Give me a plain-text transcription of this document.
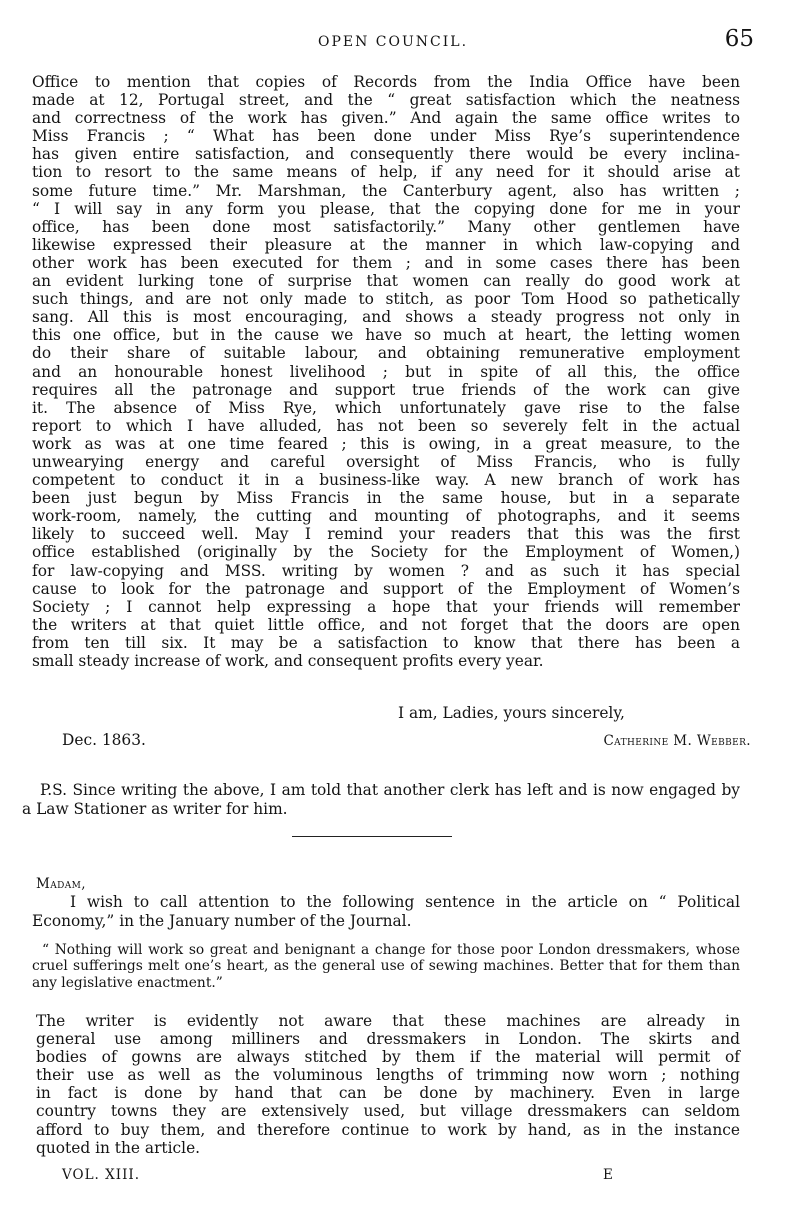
OPEN COUNCIL.	65
Office to mention that copies of Records from the India Office have been
made at 12, Portugal street, and the “ great satisfaction which the neatness
and correctness of the work has given.” And again the same office writes to
Miss Francis ; “ What has been done under Miss Rye’s superintendence
has given entire satisfaction, and consequently there would be every inclina-
tion to resort to the same means of help, if any need for it should arise at
some future time.” Mr. Marshman, the Canterbury agent, also has written ;
“ I will say in any form you please, that the copying done for me in your
office, has been done most satisfactorily.” Many other gentlemen have
likewise expressed their pleasure at the manner in which law-copying and
other work has been executed for them ; and in some cases there has been
an evident lurking tone of surprise that women can really do good work at
such things, and are not only made to stitch, as poor Tom Hood so pathetically
sang. All this is most encouraging, and shows a steady progress not only in
this one office, but in the cause we have so much at heart, the letting women
do their share of suitable labour, and obtaining remunerative employment
and an honourable honest livelihood ; but in spite of all this, the office
requires all the patronage and support true friends of the work can give
it. The absence of Miss Rye, which unfortunately gave rise to the false
report to which I have alluded, has not been so severely felt in the actual
work as was at one time feared ; this is owing, in a great measure, to the
unwearying energy and careful oversight of Miss Francis, who is fully
competent to conduct it in a business-like way. A new branch of work has
been just begun by Miss Francis in the same house, but in a separate
work-room, namely, the cutting and mounting of photographs, and it seems
likely to succeed well. May I remind your readers that this was the first
office established (originally by the Society for the Employment of Women,)
for law-copying and MSS. writing by women ? and as such it has special
cause to look for the patronage and support of the Employment of Women’s
Society ; I cannot help expressing a hope that your friends will remember
the writers at that quiet little office, and not forget that the doors are open
from ten till six. It may be a satisfaction to know that there has been a
small steady increase of work, and consequent profits every year.
I am, Ladies, yours sincerely,
Dec. 1863.	Catherine M. Webber.

P.S. Since writing the above, I am told that another clerk has left and is now engaged by a Law Stationer as writer for him.

Madam,

I wish to call attention to the following sentence in the article on “ Political Economy,” in the January number of the Journal.

“ Nothing will work so great and benignant a change for those poor London dressmakers, whose cruel sufferings melt one’s heart, as the general use of sewing machines. Better that for them than any legislative enactment.”

The writer is evidently not aware that these machines are already in
general use among milliners and dressmakers in London. The skirts and
bodies of gowns are always stitched by them if the material will permit of
their use as well as the voluminous lengths of trimming now worn ; nothing
in fact is done by hand that can be done by machinery. Even in large
country towns they are extensively used, but village dressmakers can seldom
afford to buy them, and therefore continue to work by hand, as in the instance
quoted in the article.
VOL. XIII.	E
